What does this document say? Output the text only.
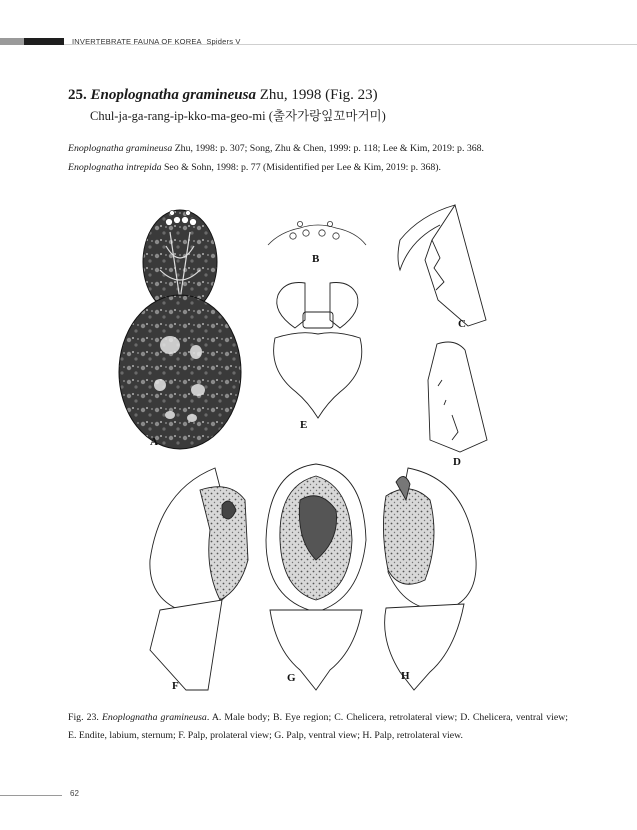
INVERTEBRATE FAUNA OF KOREA Spiders V
25. Enoplognatha gramineusa Zhu, 1998 (Fig. 23)
Chul-ja-ga-rang-ip-kko-ma-geo-mi (출자가랑잎꼬마거미)
Enoplognatha gramineusa Zhu, 1998: p. 307; Song, Zhu & Chen, 1999: p. 118; Lee & Kim, 2019: p. 368.
Enoplognatha intrepida Seo & Sohn, 1998: p. 77 (Misidentified per Lee & Kim, 2019: p. 368).
A
B
C
D
E
F
G	H
Fig. 23. Enoplognatha gramineusa. A. Male body; B. Eye region; C. Chelicera, retrolateral view; D. Chelicera, ventral view; E. Endite, labium, sternum; F. Palp, prolateral view; G. Palp, ventral view; H. Palp, retrolateral view.
62
